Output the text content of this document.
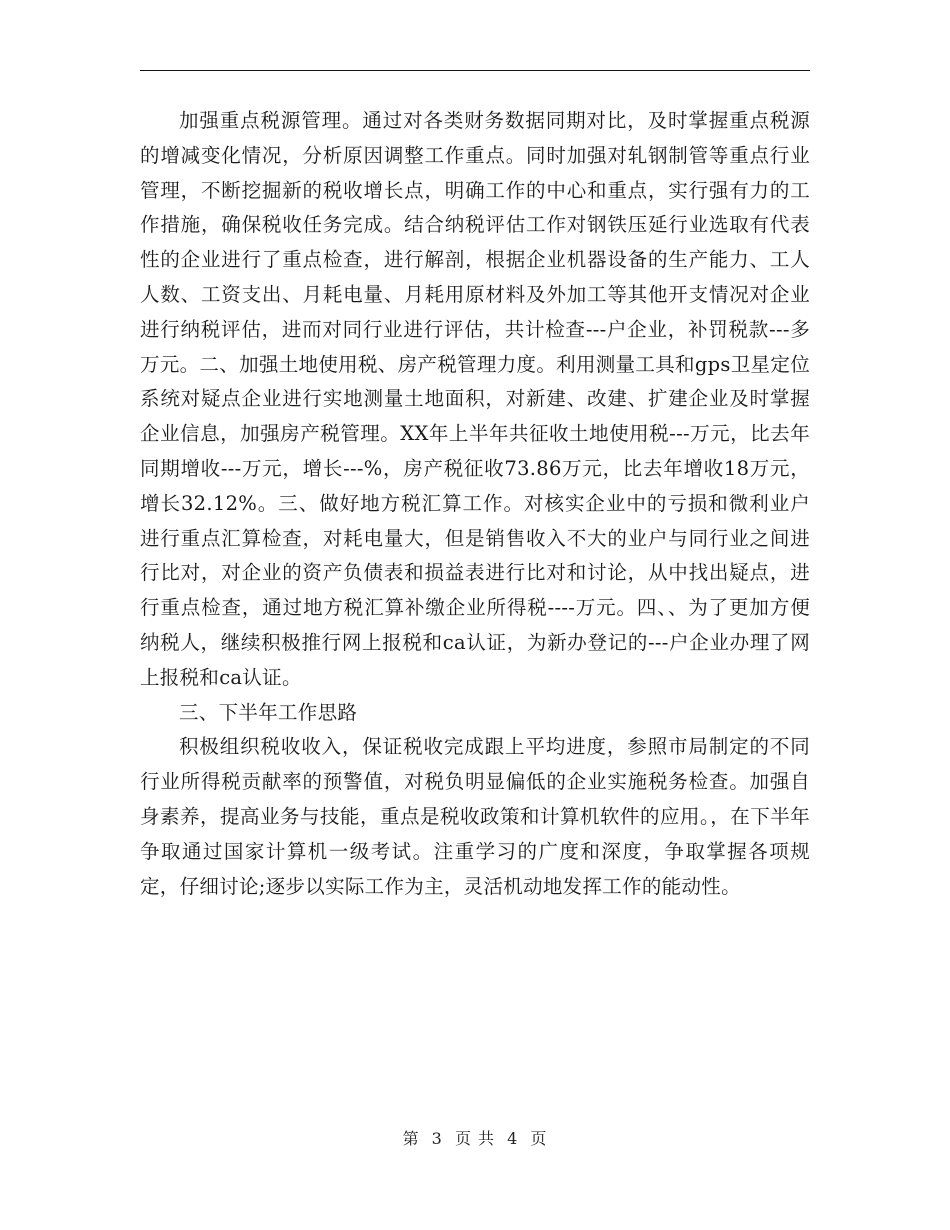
加强重点税源管理。通过对各类财务数据同期对比，及时掌握重点税源的增减变化情况，分析原因调整工作重点。同时加强对轧钢制管等重点行业管理，不断挖掘新的税收增长点，明确工作的中心和重点，实行强有力的工作措施，确保税收任务完成。结合纳税评估工作对钢铁压延行业选取有代表性的企业进行了重点检查，进行解剖，根据企业机器设备的生产能力、工人人数、工资支出、月耗电量、月耗用原材料及外加工等其他开支情况对企业进行纳税评估，进而对同行业进行评估，共计检查---户企业，补罚税款---多万元。二、加强土地使用税、房产税管理力度。利用测量工具和gps卫星定位系统对疑点企业进行实地测量土地面积，对新建、改建、扩建企业及时掌握企业信息，加强房产税管理。XX年上半年共征收土地使用税---万元，比去年同期增收---万元，增长---%，房产税征收73.86万元，比去年增收18万元，增长32.12%。三、做好地方税汇算工作。对核实企业中的亏损和微利业户进行重点汇算检查，对耗电量大，但是销售收入不大的业户与同行业之间进行比对，对企业的资产负债表和损益表进行比对和讨论，从中找出疑点，进行重点检查，通过地方税汇算补缴企业所得税----万元。四、、为了更加方便纳税人，继续积极推行网上报税和ca认证，为新办登记的---户企业办理了网上报税和ca认证。

三、下半年工作思路

积极组织税收收入，保证税收完成跟上平均进度，参照市局制定的不同行业所得税贡献率的预警值，对税负明显偏低的企业实施税务检查。加强自身素养，提高业务与技能，重点是税收政策和计算机软件的应用。，在下半年争取通过国家计算机一级考试。注重学习的广度和深度，争取掌握各项规定，仔细讨论;逐步以实际工作为主，灵活机动地发挥工作的能动性。

第 3 页 共 4 页
